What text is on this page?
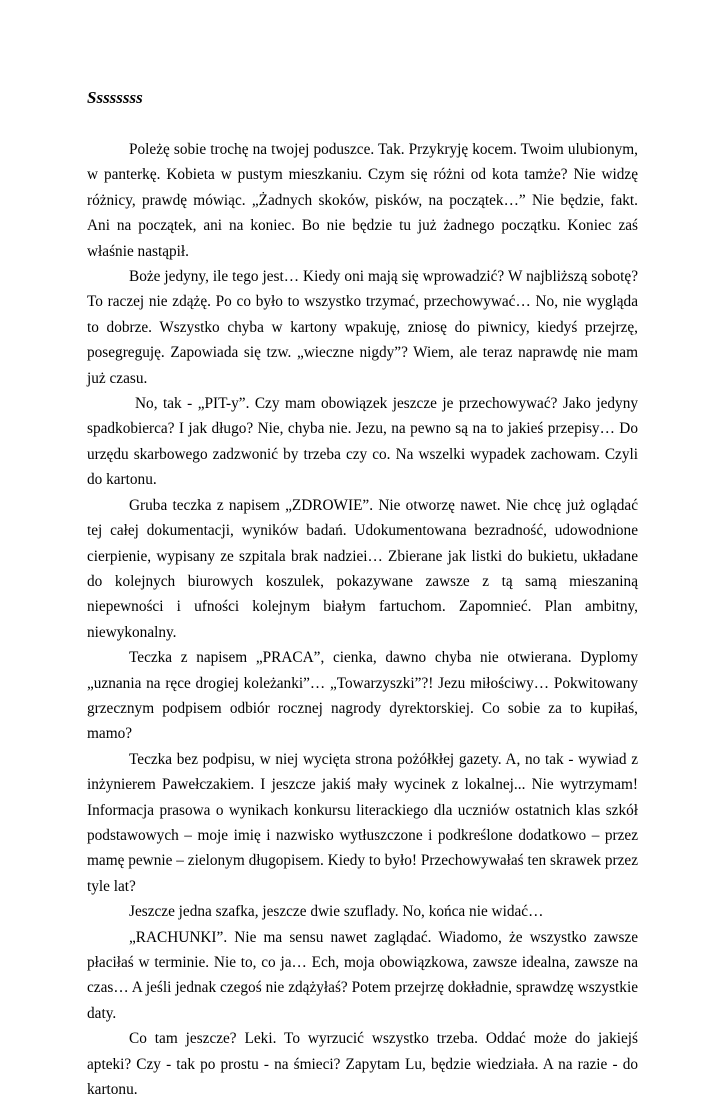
Ssssssss

Poleżę sobie trochę na twojej poduszce. Tak. Przykryję kocem. Twoim ulubionym, w panterkę. Kobieta w pustym mieszkaniu. Czym się różni od kota tamże? Nie widzę różnicy, prawdę mówiąc. „Żadnych skoków, pisków, na początek…” Nie będzie, fakt. Ani na początek, ani na koniec. Bo nie będzie tu już żadnego początku. Koniec zaś właśnie nastąpił.

Boże jedyny, ile tego jest… Kiedy oni mają się wprowadzić? W najbliższą sobotę? To raczej nie zdążę. Po co było to wszystko trzymać, przechowywać… No, nie wygląda to dobrze. Wszystko chyba w kartony wpakuję, zniosę do piwnicy, kiedyś przejrzę, posegreguję. Zapowiada się tzw. „wieczne nigdy”? Wiem, ale teraz naprawdę nie mam już czasu.

No, tak - „PIT-y”. Czy mam obowiązek jeszcze je przechowywać? Jako jedyny spadkobierca? I jak długo? Nie, chyba nie. Jezu, na pewno są na to jakieś przepisy… Do urzędu skarbowego zadzwonić by trzeba czy co. Na wszelki wypadek zachowam. Czyli do kartonu.

Gruba teczka z napisem „ZDROWIE”. Nie otworzę nawet. Nie chcę już oglądać tej całej dokumentacji, wyników badań. Udokumentowana bezradność, udowodnione cierpienie, wypisany ze szpitala brak nadziei… Zbierane jak listki do bukietu, układane do kolejnych biurowych koszulek, pokazywane zawsze z tą samą mieszaniną niepewności i ufności kolejnym białym fartuchom. Zapomnieć. Plan ambitny, niewykonalny.

Teczka z napisem „PRACA”, cienka, dawno chyba nie otwierana. Dyplomy „uznania na ręce drogiej koleżanki”… „Towarzyszki”?! Jezu miłościwy… Pokwitowany grzecznym podpisem odbiór rocznej nagrody dyrektorskiej. Co sobie za to kupiłaś, mamo?

Teczka bez podpisu, w niej wycięta strona pożółkłej gazety. A, no tak - wywiad z inżynierem Pawełczakiem. I jeszcze jakiś mały wycinek z lokalnej... Nie wytrzymam! Informacja prasowa o wynikach konkursu literackiego dla uczniów ostatnich klas szkół podstawowych – moje imię i nazwisko wytłuszczone i podkreślone dodatkowo – przez mamę pewnie – zielonym długopisem. Kiedy to było! Przechowywałaś ten skrawek przez tyle lat?

Jeszcze jedna szafka, jeszcze dwie szuflady. No, końca nie widać…

„RACHUNKI”. Nie ma sensu nawet zaglądać. Wiadomo, że wszystko zawsze płaciłaś w terminie. Nie to, co ja… Ech, moja obowiązkowa, zawsze idealna, zawsze na czas… A jeśli jednak czegoś nie zdążyłaś? Potem przejrzę dokładnie, sprawdzę wszystkie daty.

Co tam jeszcze? Leki. To wyrzucić wszystko trzeba. Oddać może do jakiejś apteki? Czy - tak po prostu - na śmieci? Zapytam Lu, będzie wiedziała. A na razie - do kartonu.
